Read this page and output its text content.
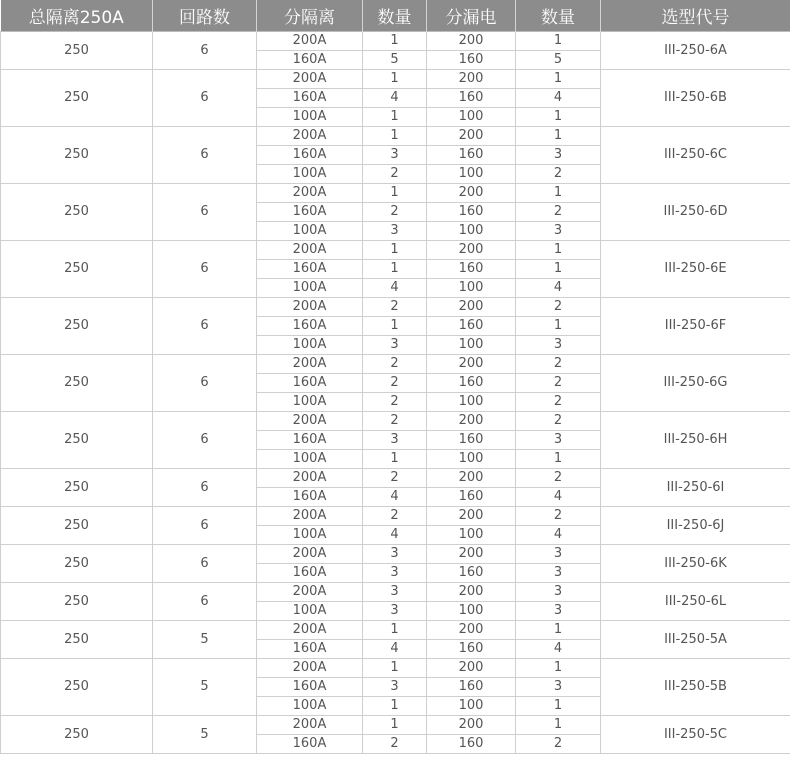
总隔离250A	回路数	分隔离	数量	分漏电	数量	选型代号
250	6	200A	1	200	1	III-250-6A
		160A	5	160	5	
250	6	200A	1	200	1	III-250-6B
		160A	4	160	4	
		100A	1	100	1	
250	6	200A	1	200	1	III-250-6C
		160A	3	160	3	
		100A	2	100	2	
250	6	200A	1	200	1	III-250-6D
		160A	2	160	2	
		100A	3	100	3	
250	6	200A	1	200	1	III-250-6E
		160A	1	160	1	
		100A	4	100	4	
250	6	200A	2	200	2	III-250-6F
		160A	1	160	1	
		100A	3	100	3	
250	6	200A	2	200	2	III-250-6G
		160A	2	160	2	
		100A	2	100	2	
250	6	200A	2	200	2	III-250-6H
		160A	3	160	3	
		100A	1	100	1	
250	6	200A	2	200	2	III-250-6I
		160A	4	160	4	
250	6	200A	2	200	2	III-250-6J
		100A	4	100	4	
250	6	200A	3	200	3	III-250-6K
		160A	3	160	3	
250	6	200A	3	200	3	III-250-6L
		100A	3	100	3	
250	5	200A	1	200	1	III-250-5A
		160A	4	160	4	
250	5	200A	1	200	1	III-250-5B
		160A	3	160	3	
		100A	1	100	1	
250	5	200A	1	200	1	III-250-5C
		160A	2	160	2	
